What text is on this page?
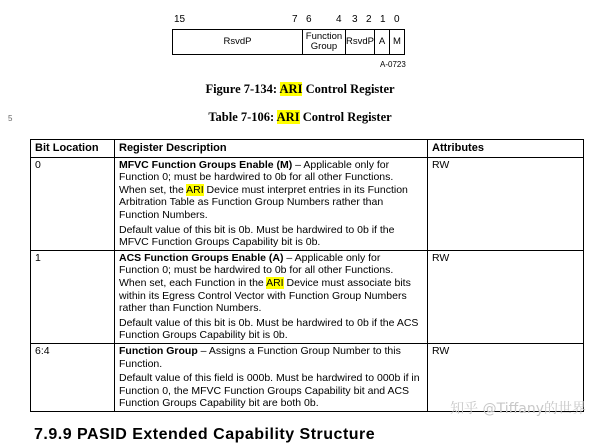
15	7 6 4 3 2 1 0
RsvdP	Function Group RsvdP A M
A-0723
Figure 7-134: ARI Control Register
5	Table 7-106: ARI Control Register
Bit Location	Register Description	Attributes
0	MFVC Function Groups Enable (M) – Applicable only for Function 0; must be hardwired to 0b for all other Functions. When set, the ARI Device must interpret entries in its Function Arbitration Table as Function Group Numbers rather than Function Numbers.
Default value of this bit is 0b. Must be hardwired to 0b if the MFVC Function Groups Capability bit is 0b.	RW
1	ACS Function Groups Enable (A) – Applicable only for Function 0; must be hardwired to 0b for all other Functions. When set, each Function in the ARI Device must associate bits within its Egress Control Vector with Function Group Numbers rather than Function Numbers.
Default value of this bit is 0b. Must be hardwired to 0b if the ACS Function Groups Capability bit is 0b.	RW
6:4	Function Group – Assigns a Function Group Number to this Function.
Default value of this field is 000b. Must be hardwired to 000b if in Function 0, the MFVC Function Groups Capability bit and ACS Function Groups Capability bit are both 0b.	RW
知乎 @Tiffany的世界
7.9.9 PASID Extended Capability Structure
